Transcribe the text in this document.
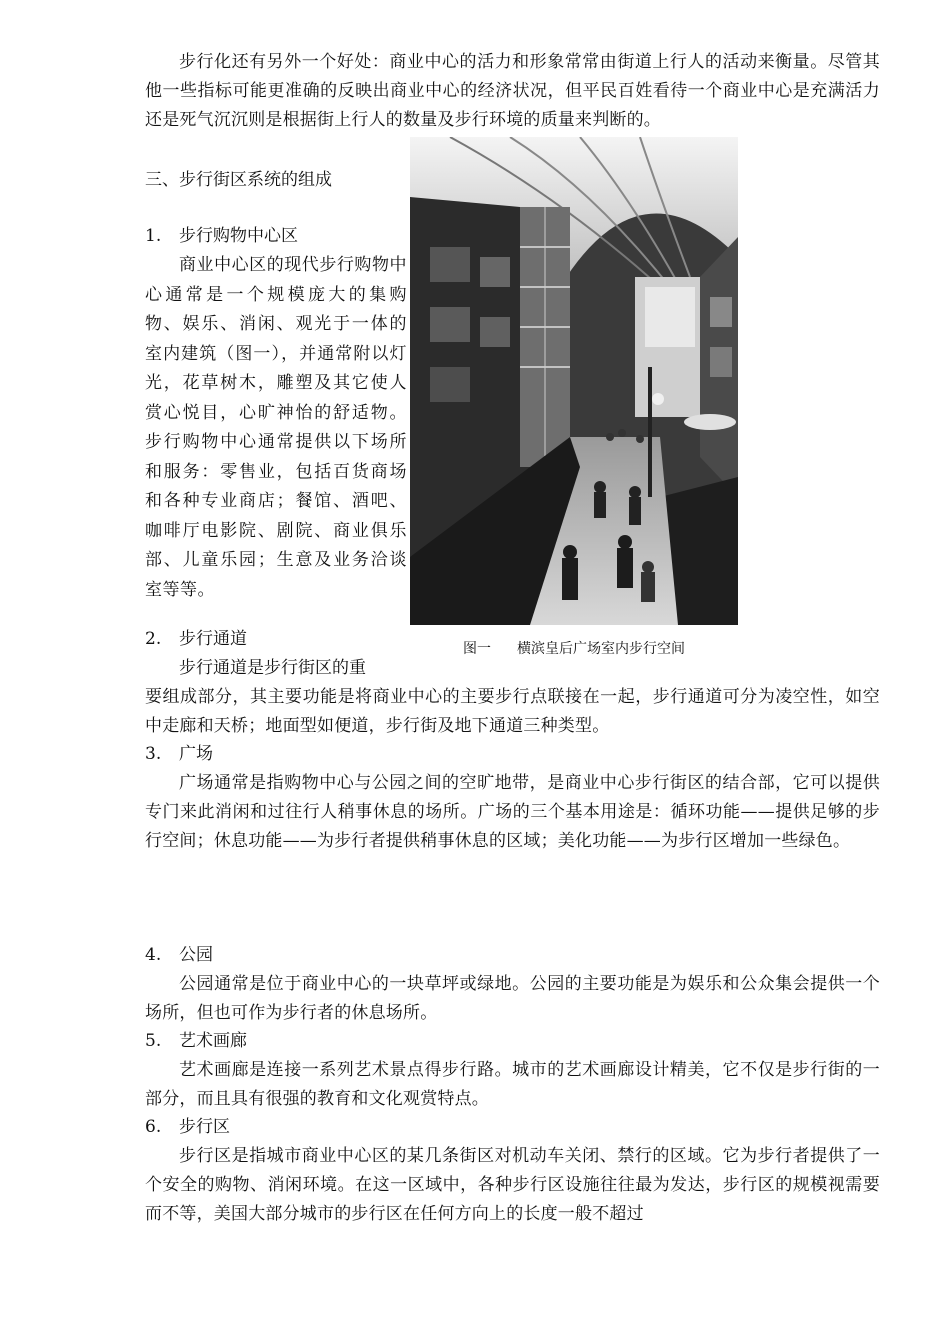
步行化还有另外一个好处：商业中心的活力和形象常常由街道上行人的活动来衡量。尽管其他一些指标可能更准确的反映出商业中心的经济状况，但平民百姓看待一个商业中心是充满活力还是死气沉沉则是根据街上行人的数量及步行环境的质量来判断的。

三、步行街区系统的组成

1. 步行购物中心区

商业中心区的现代步行购物中心通常是一个规模庞大的集购物、娱乐、消闲、观光于一体的室内建筑（图一），并通常附以灯光，花草树木，雕塑及其它使人赏心悦目，心旷神怡的舒适物。步行购物中心通常提供以下场所和服务：零售业，包括百货商场和各种专业商店；餐馆、酒吧、咖啡厅电影院、剧院、商业俱乐部、儿童乐园；生意及业务洽谈室等等。

图一 横滨皇后广场室内步行空间

2. 步行通道

步行通道是步行街区的重

要组成部分，其主要功能是将商业中心的主要步行点联接在一起，步行通道可分为凌空性，如空中走廊和天桥；地面型如便道，步行街及地下通道三种类型。

3. 广场

广场通常是指购物中心与公园之间的空旷地带，是商业中心步行街区的结合部，它可以提供专门来此消闲和过往行人稍事休息的场所。广场的三个基本用途是：循环功能——提供足够的步行空间；休息功能——为步行者提供稍事休息的区域；美化功能——为步行区增加一些绿色。

4. 公园

公园通常是位于商业中心的一块草坪或绿地。公园的主要功能是为娱乐和公众集会提供一个场所，但也可作为步行者的休息场所。

5. 艺术画廊

艺术画廊是连接一系列艺术景点得步行路。城市的艺术画廊设计精美，它不仅是步行街的一部分，而且具有很强的教育和文化观赏特点。

6. 步行区

步行区是指城市商业中心区的某几条街区对机动车关闭、禁行的区域。它为步行者提供了一个安全的购物、消闲环境。在这一区域中，各种步行区设施往往最为发达，步行区的规模视需要而不等，美国大部分城市的步行区在任何方向上的长度一般不超过
